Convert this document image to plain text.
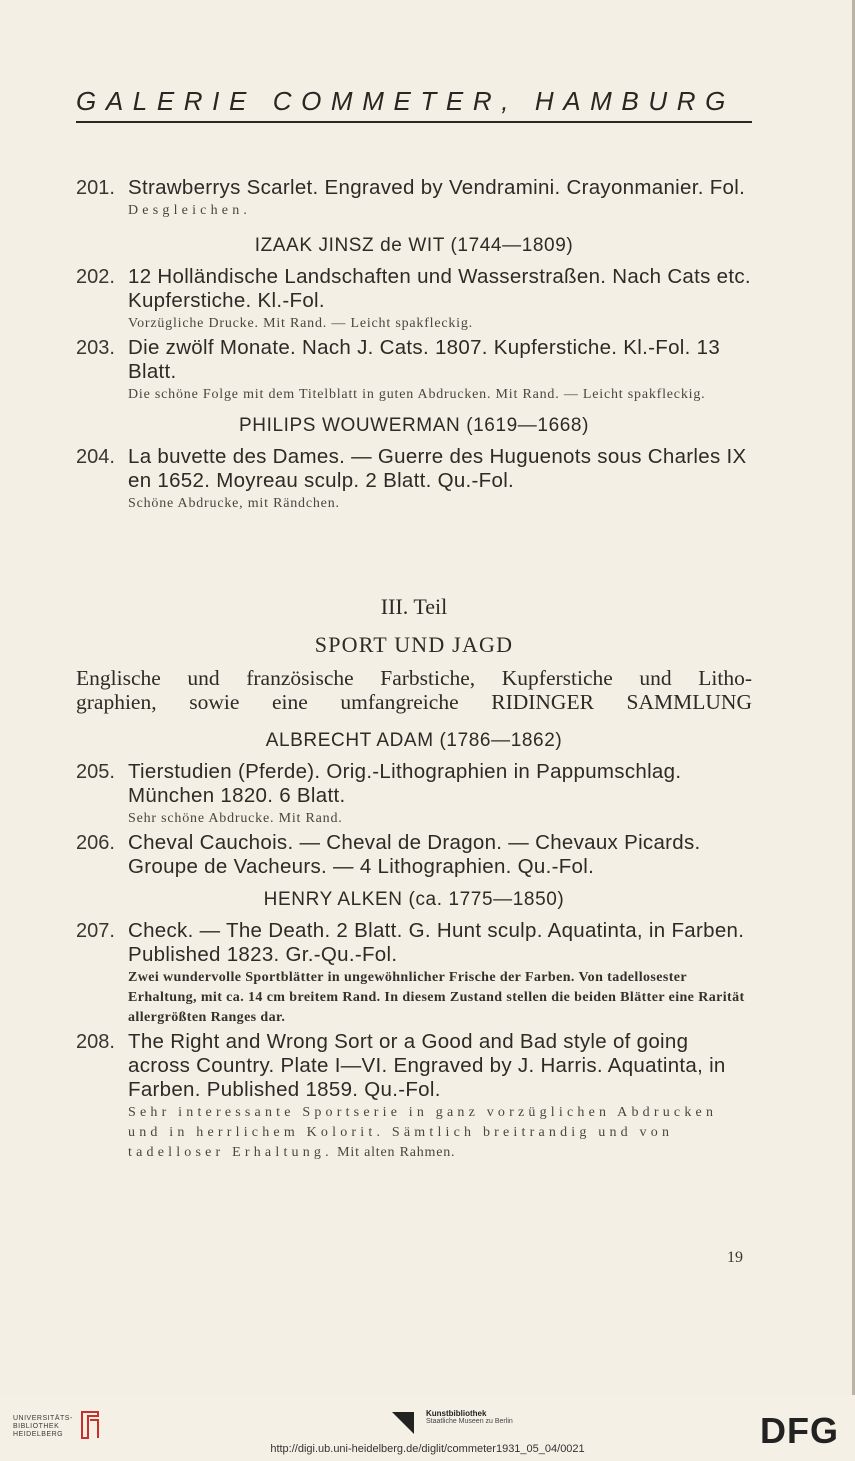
GALERIE COMMETER, HAMBURG
201. Strawberrys Scarlet. Engraved by Vendramini. Crayonmanier. Fol.
Desgleichen.
IZAAK JINSZ de WIT (1744—1809)
202. 12 Holländische Landschaften und Wasserstraßen. Nach Cats etc. Kupferstiche. Kl.-Fol.
Vorzügliche Drucke. Mit Rand. — Leicht spakfleckig.
203. Die zwölf Monate. Nach J. Cats. 1807. Kupferstiche. Kl.-Fol. 13 Blatt.
Die schöne Folge mit dem Titelblatt in guten Abdrucken. Mit Rand. — Leicht spakfleckig.
PHILIPS WOUWERMAN (1619—1668)
204. La buvette des Dames. — Guerre des Huguenots sous Charles IX en 1652. Moyreau sculp. 2 Blatt. Qu.-Fol.
Schöne Abdrucke, mit Rändchen.
III. Teil
SPORT UND JAGD
Englische und französische Farbstiche, Kupferstiche und Litho-
graphien, sowie eine umfangreiche RIDINGER SAMMLUNG
ALBRECHT ADAM (1786—1862)
205. Tierstudien (Pferde). Orig.-Lithographien in Pappumschlag. München 1820. 6 Blatt.
Sehr schöne Abdrucke. Mit Rand.
206. Cheval Cauchois. — Cheval de Dragon. — Chevaux Picards. Groupe de Vacheurs. — 4 Lithographien. Qu.-Fol.
HENRY ALKEN (ca. 1775—1850)
207. Check. — The Death. 2 Blatt. G. Hunt sculp. Aquatinta, in Farben. Published 1823. Gr.-Qu.-Fol.
Zwei wundervolle Sportblätter in ungewöhnlicher Frische der Farben. Von tadellosester Erhaltung, mit ca. 14 cm breitem Rand. In diesem Zustand stellen die beiden Blätter eine Rarität allergrößten Ranges dar.
208. The Right and Wrong Sort or a Good and Bad style of going across Country. Plate I—VI. Engraved by J. Harris. Aquatinta, in Farben. Published 1859. Qu.-Fol.
Sehr interessante Sportserie in ganz vorzüglichen Abdrucken und in herrlichem Kolorit. Sämtlich breitrandig und von tadelloser Erhaltung. Mit alten Rahmen.
19
UNIVERSITÄTS-
BIBLIOTHEK
HEIDELBERG
Kunstbibliothek
Staatliche Museen zu Berlin	DFG
http://digi.ub.uni-heidelberg.de/diglit/commeter1931_05_04/0021
